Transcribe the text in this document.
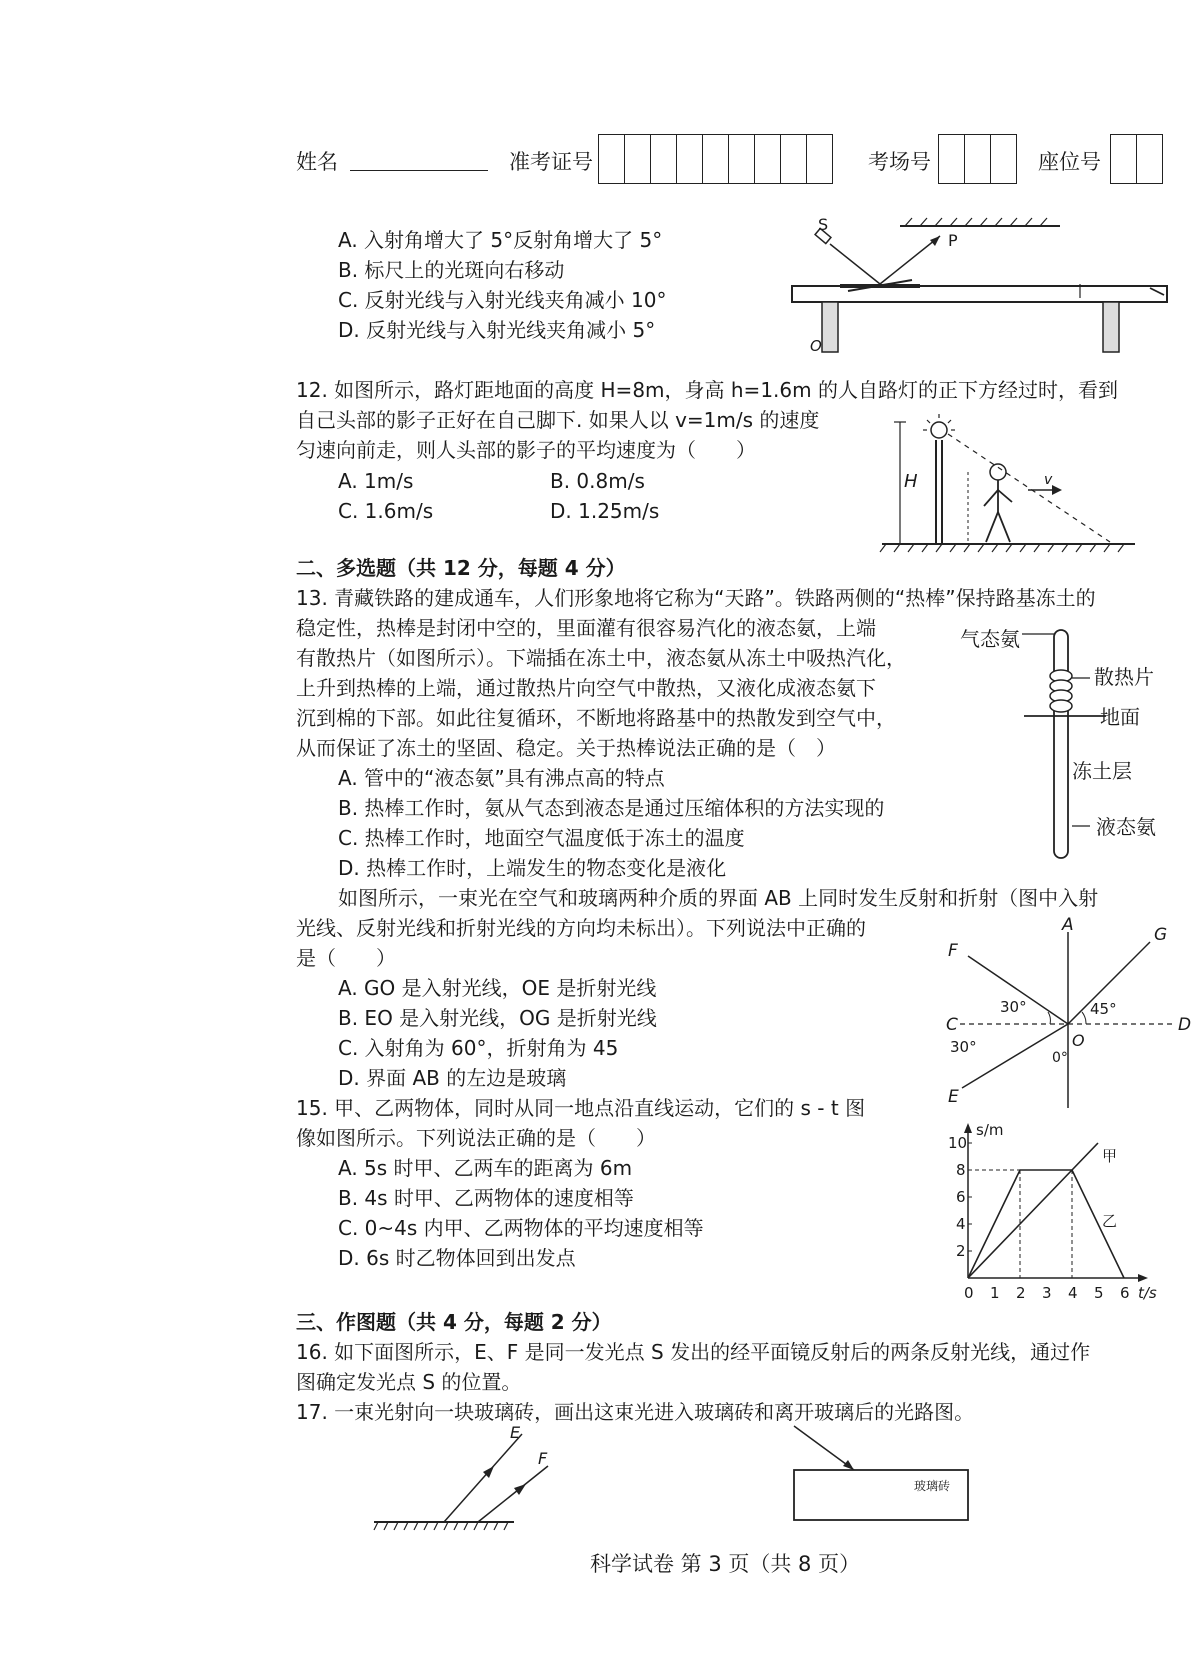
姓名	准考证号	考场号	座位号
A. 入射角增大了 5°反射角增大了 5°
B. 标尺上的光斑向右移动
C. 反射光线与入射光线夹角减小 10°
D. 反射光线与入射光线夹角减小 5°
S
P
O
12. 如图所示，路灯距地面的高度 H=8m，身高 h=1.6m 的人自路灯的正下方经过时，看到
自己头部的影子正好在自己脚下. 如果人以 v=1m/s 的速度
匀速向前走，则人头部的影子的平均速度为（　　）
A. 1m/s	B. 0.8m/s
C. 1.6m/s	D. 1.25m/s
H	v
二、多选题（共 12 分，每题 4 分）
13. 青藏铁路的建成通车，人们形象地将它称为“天路”。铁路两侧的“热棒”保持路基冻土的
稳定性，热棒是封闭中空的，里面灌有很容易汽化的液态氨，上端
有散热片（如图所示）。下端插在冻土中，液态氨从冻土中吸热汽化，
上升到热棒的上端，通过散热片向空气中散热，又液化成液态氨下
沉到棉的下部。如此往复循环，不断地将路基中的热散发到空气中，
从而保证了冻土的坚固、稳定。关于热棒说法正确的是（　）
A. 管中的“液态氨”具有沸点高的特点
B. 热棒工作时，氨从气态到液态是通过压缩体积的方法实现的
C. 热棒工作时，地面空气温度低于冻土的温度
D. 热棒工作时，上端发生的物态变化是液化
气态氨
散热片
地面
冻土层
液态氨
如图所示，一束光在空气和玻璃两种介质的界面 AB 上同时发生反射和折射（图中入射
光线、反射光线和折射光线的方向均未标出）。下列说法中正确的
是（　　）
A. GO 是入射光线，OE 是折射光线
B. EO 是入射光线，OG 是折射光线
C. 入射角为 60°，折射角为 45
D. 界面 AB 的左边是玻璃
A
F
G
C	D
E
O
30°
30°
45°
0°
15. 甲、乙两物体，同时从同一地点沿直线运动，它们的 s - t 图
像如图所示。下列说法正确的是（　　）
A. 5s 时甲、乙两车的距离为 6m
B. 4s 时甲、乙两物体的速度相等
C. 0~4s 内甲、乙两物体的平均速度相等
D. 6s 时乙物体回到出发点
0 1 2 3 4 5 6
2
4
6
8
10
s/m
t/s
甲
乙
三、作图题（共 4 分，每题 2 分）
16. 如下面图所示，E、F 是同一发光点 S 发出的经平面镜反射后的两条反射光线，通过作
图确定发光点 S 的位置。
17. 一束光射向一块玻璃砖，画出这束光进入玻璃砖和离开玻璃后的光路图。
E
F
玻璃砖
科学试卷 第 3 页（共 8 页）
